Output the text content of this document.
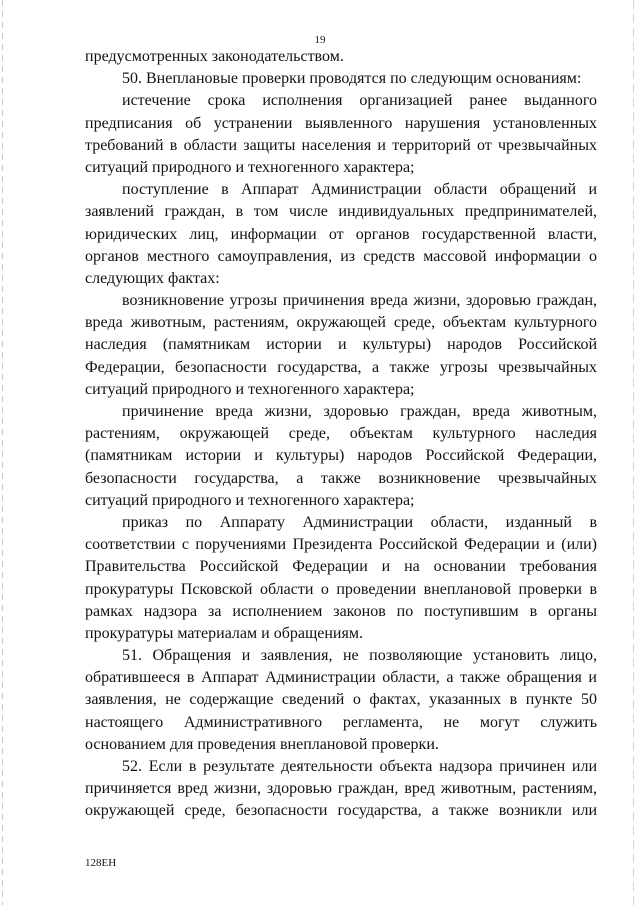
19
предусмотренных законодательством.
50. Внеплановые проверки проводятся по следующим основаниям:
истечение срока исполнения организацией ранее выданного
предписания об устранении выявленного нарушения установленных
требований в области защиты населения и территорий от чрезвычайных
ситуаций природного и техногенного характера;
поступление в Аппарат Администрации области обращений и
заявлений граждан, в том числе индивидуальных предпринимателей,
юридических лиц, информации от органов государственной власти,
органов местного самоуправления, из средств массовой информации о
следующих фактах:
возникновение угрозы причинения вреда жизни, здоровью граждан,
вреда животным, растениям, окружающей среде, объектам культурного
наследия (памятникам истории и культуры) народов Российской
Федерации, безопасности государства, а также угрозы чрезвычайных
ситуаций природного и техногенного характера;
причинение вреда жизни, здоровью граждан, вреда животным,
растениям, окружающей среде, объектам культурного наследия
(памятникам истории и культуры) народов Российской Федерации,
безопасности государства, а также возникновение чрезвычайных
ситуаций природного и техногенного характера;
приказ по Аппарату Администрации области, изданный в
соответствии с поручениями Президента Российской Федерации и (или)
Правительства Российской Федерации и на основании требования
прокуратуры Псковской области о проведении внеплановой проверки в
рамках надзора за исполнением законов по поступившим в органы
прокуратуры материалам и обращениям.
51. Обращения и заявления, не позволяющие установить лицо,
обратившееся в Аппарат Администрации области, а также обращения и
заявления, не содержащие сведений о фактах, указанных в пункте 50
настоящего Административного регламента, не могут служить
основанием для проведения внеплановой проверки.
52. Если в результате деятельности объекта надзора причинен или
причиняется вред жизни, здоровью граждан, вред животным, растениям,
окружающей среде, безопасности государства, а также возникли или
128ЕН
